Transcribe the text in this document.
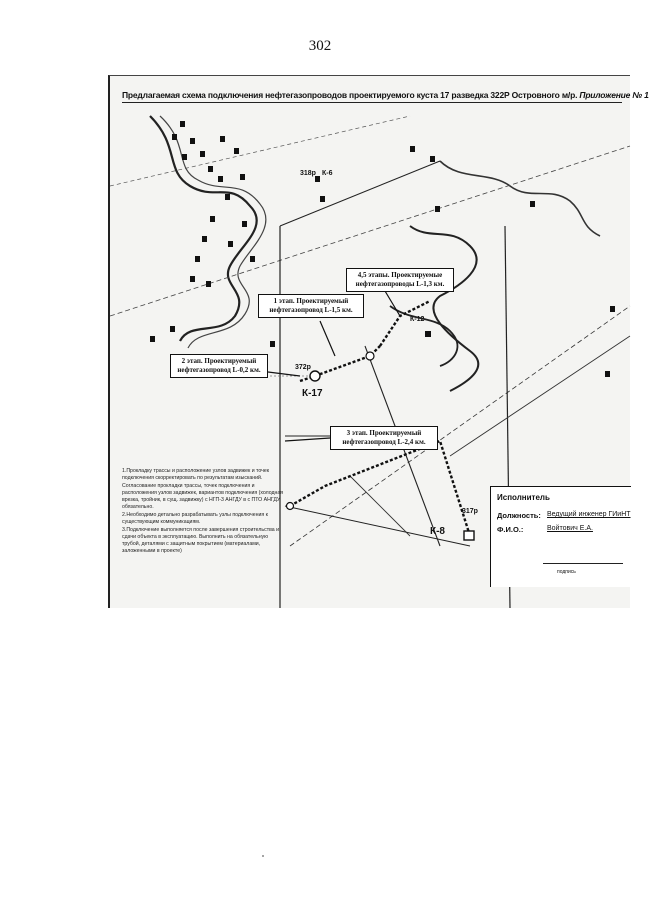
302
Предлагаемая схема подключения нефтегазопроводов проектируемого куста 17 разведка 322Р Островного м/р. Приложение № 1
1 этап. Проектируемый нефтегазопровод L-1,5 км.
2 этап. Проектируемый нефтегазопровод L-0,2 км.
3 этап. Проектируемый нефтегазопровод L-2,4 км.
4,5 этапы. Проектируемые нефтегазопроводы L-1,3 км.
К-17
К-12
К-8
372р
318р К-6
317р

1.Прокладку трассы и расположение узлов задвижек и точек подключения скорректировать по результатам изысканий.

Согласование прокладки трассы, точек подключения и расположения узлов задвижек, вариантов подключения (холодная врезка, тройник, в сущ. задвижку) с НГП-3 АНГДУ в с ПТО АНГДУ обязательно.

2.Необходимо детально разрабатывать узлы подключения к существующим коммуникациям.

3.Подключение выполняется после завершения строительства и сдачи объекта в эксплуатацию. Выполнить на обязательную трубой, деталями с защитным покрытием (материалами, заложенными в проекте)

Исполнитель
Должность: Ведущий инженер ГИиНТ
Ф.И.О.:	Войтович Е.А.
подпись
